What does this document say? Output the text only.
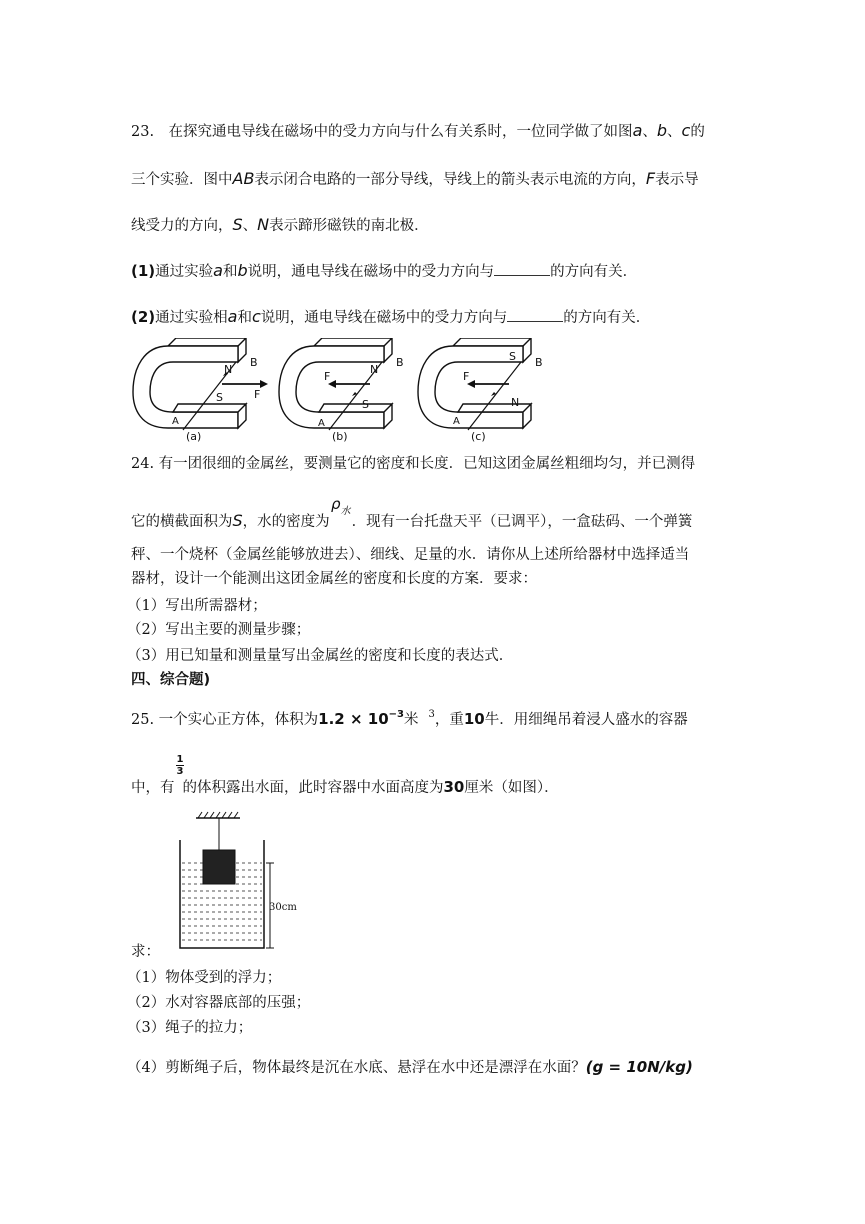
23.　在探究通电导线在磁场中的受力方向与什么有关系时，一位同学做了如图a、b、c的
三个实验．图中AB表示闭合电路的一部分导线，导线上的箭头表示电流的方向，F表示导
线受力的方向，S、N表示蹄形磁铁的南北极．
(1)通过实验a和b说明，通电导线在磁场中的受力方向与	的方向有关．
(2)通过实验相a和c说明，通电导线在磁场中的受力方向与	的方向有关．
N
S
B
A
F
(a)
N
S
B
A
F
(b)
S
N
B
A
F
(c)
24. 有一团很细的金属丝，要测量它的密度和长度．已知这团金属丝粗细均匀，并已测得
它的横截面积为S，水的密度为 ．现有一台托盘天平（已调平），一盒砝码、一个弹簧
$\rho_水$
秤、一个烧杯（金属丝能够放进去）、细线、足量的水．请你从上述所给器材中选择适当
器材，设计一个能测出这团金属丝的密度和长度的方案．要求：
（1）写出所需器材；
（2）写出主要的测量步骤；
（3）用已知量和测量量写出金属丝的密度和长度的表达式．
四、综合题)
25. 一个实心正方体，体积为$1.2 \times 10^{-3}$米 $^3$，重10牛．用细绳吊着浸人盛水的容器
1
3
中，有 的体积露出水面，此时容器中水面高度为30厘米（如图）．
30cm
求：
（1）物体受到的浮力；
（2）水对容器底部的压强；
（3）绳子的拉力；
（4）剪断绳子后，物体最终是沉在水底、悬浮在水中还是漂浮在水面？(g = 10N/kg)
